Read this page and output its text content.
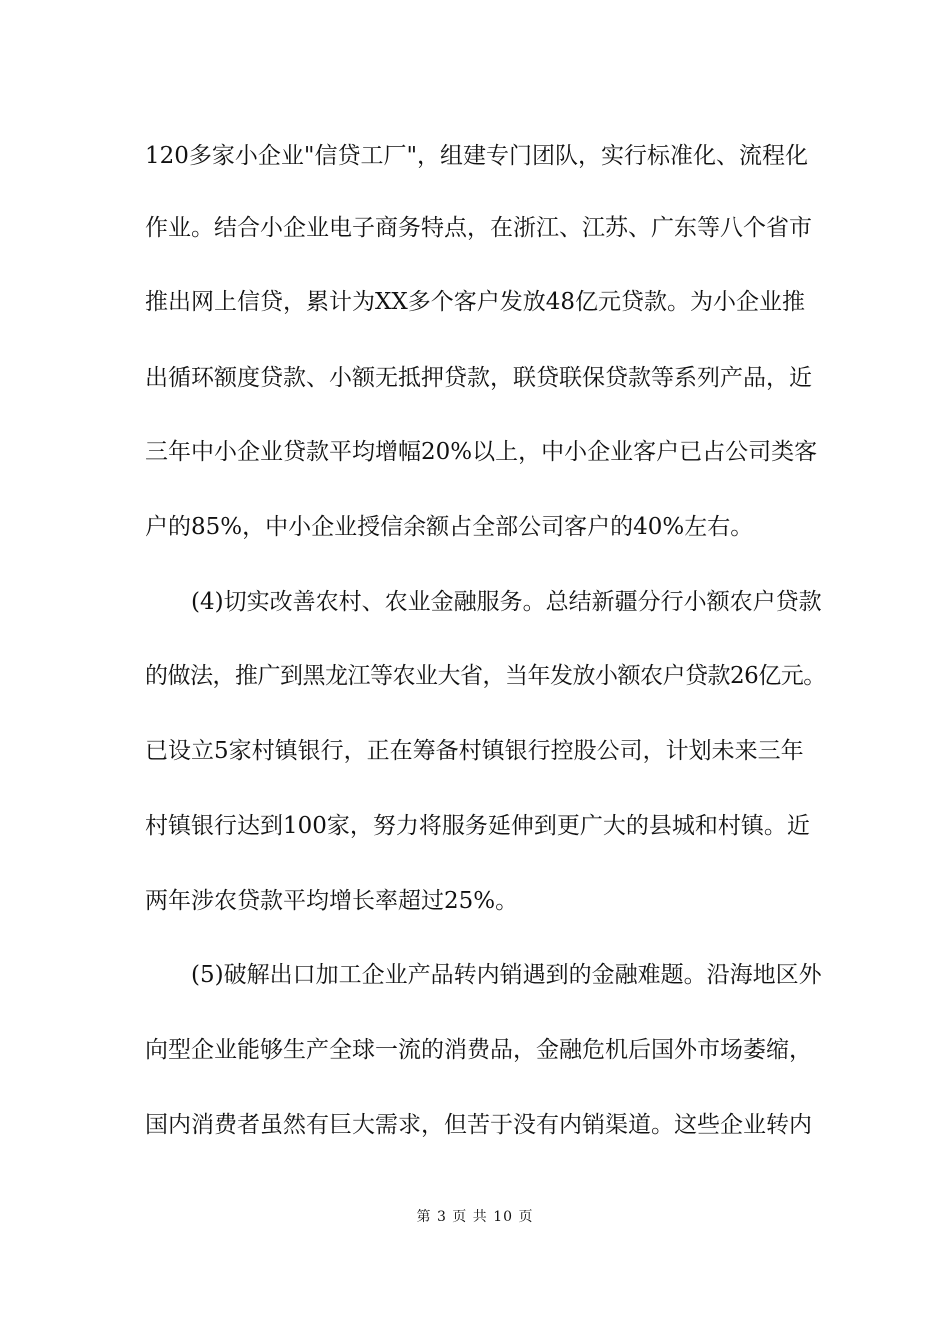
120多家小企业"信贷工厂"，组建专门团队，实行标准化、流程化
作业。结合小企业电子商务特点，在浙江、江苏、广东等八个省市
推出网上信贷，累计为XX多个客户发放48亿元贷款。为小企业推
出循环额度贷款、小额无抵押贷款，联贷联保贷款等系列产品，近
三年中小企业贷款平均增幅20%以上，中小企业客户已占公司类客
户的85%，中小企业授信余额占全部公司客户的40%左右。
　　(4)切实改善农村、农业金融服务。总结新疆分行小额农户贷款
的做法，推广到黑龙江等农业大省，当年发放小额农户贷款26亿元。
已设立5家村镇银行，正在筹备村镇银行控股公司，计划未来三年
村镇银行达到100家，努力将服务延伸到更广大的县城和村镇。近
两年涉农贷款平均增长率超过25%。
　　(5)破解出口加工企业产品转内销遇到的金融难题。沿海地区外
向型企业能够生产全球一流的消费品，金融危机后国外市场萎缩，
国内消费者虽然有巨大需求，但苦于没有内销渠道。这些企业转内
第 3 页 共 10 页
